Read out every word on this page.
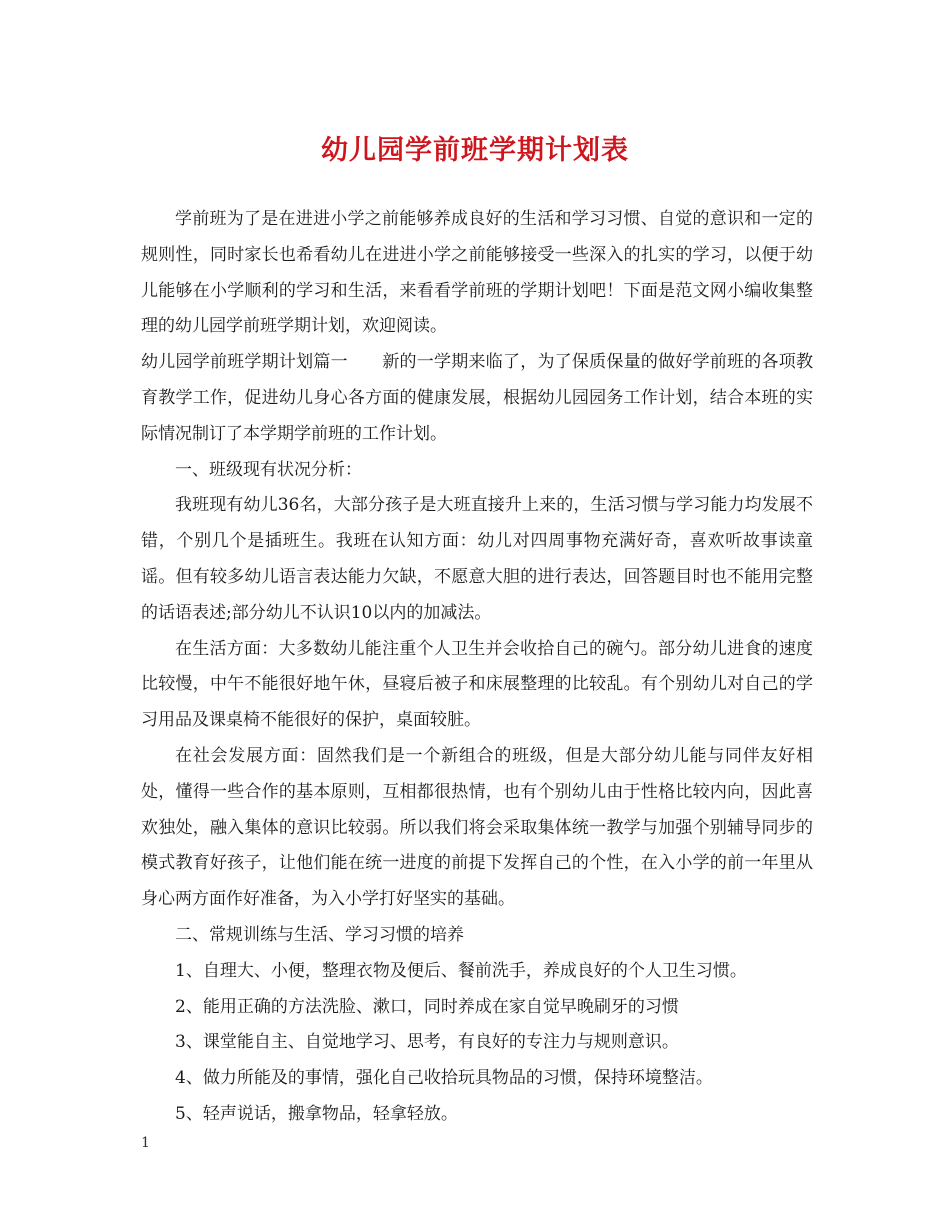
幼儿园学前班学期计划表

学前班为了是在进进小学之前能够养成良好的生活和学习习惯、自觉的意识和一定的规则性，同时家长也希看幼儿在进进小学之前能够接受一些深入的扎实的学习，以便于幼儿能够在小学顺利的学习和生活，来看看学前班的学期计划吧！下面是范文网小编收集整理的幼儿园学前班学期计划，欢迎阅读。

幼儿园学前班学期计划篇一　　新的一学期来临了，为了保质保量的做好学前班的各项教育教学工作，促进幼儿身心各方面的健康发展，根据幼儿园园务工作计划，结合本班的实际情况制订了本学期学前班的工作计划。

一、班级现有状况分析：

我班现有幼儿36名，大部分孩子是大班直接升上来的，生活习惯与学习能力均发展不错，个别几个是插班生。我班在认知方面：幼儿对四周事物充满好奇，喜欢听故事读童谣。但有较多幼儿语言表达能力欠缺，不愿意大胆的进行表达，回答题目时也不能用完整的话语表述;部分幼儿不认识10以内的加减法。

在生活方面：大多数幼儿能注重个人卫生并会收拾自己的碗勺。部分幼儿进食的速度比较慢，中午不能很好地午休，昼寝后被子和床展整理的比较乱。有个别幼儿对自己的学习用品及课桌椅不能很好的保护，桌面较脏。

在社会发展方面：固然我们是一个新组合的班级，但是大部分幼儿能与同伴友好相处，懂得一些合作的基本原则，互相都很热情，也有个别幼儿由于性格比较内向，因此喜欢独处，融入集体的意识比较弱。所以我们将会采取集体统一教学与加强个别辅导同步的模式教育好孩子，让他们能在统一进度的前提下发挥自己的个性，在入小学的前一年里从身心两方面作好准备，为入小学打好坚实的基础。

二、常规训练与生活、学习习惯的培养

1、自理大、小便，整理衣物及便后、餐前洗手，养成良好的个人卫生习惯。

2、能用正确的方法洗脸、漱口，同时养成在家自觉早晚刷牙的习惯

3、课堂能自主、自觉地学习、思考，有良好的专注力与规则意识。

4、做力所能及的事情，强化自己收拾玩具物品的习惯，保持环境整洁。

5、轻声说话，搬拿物品，轻拿轻放。

1
